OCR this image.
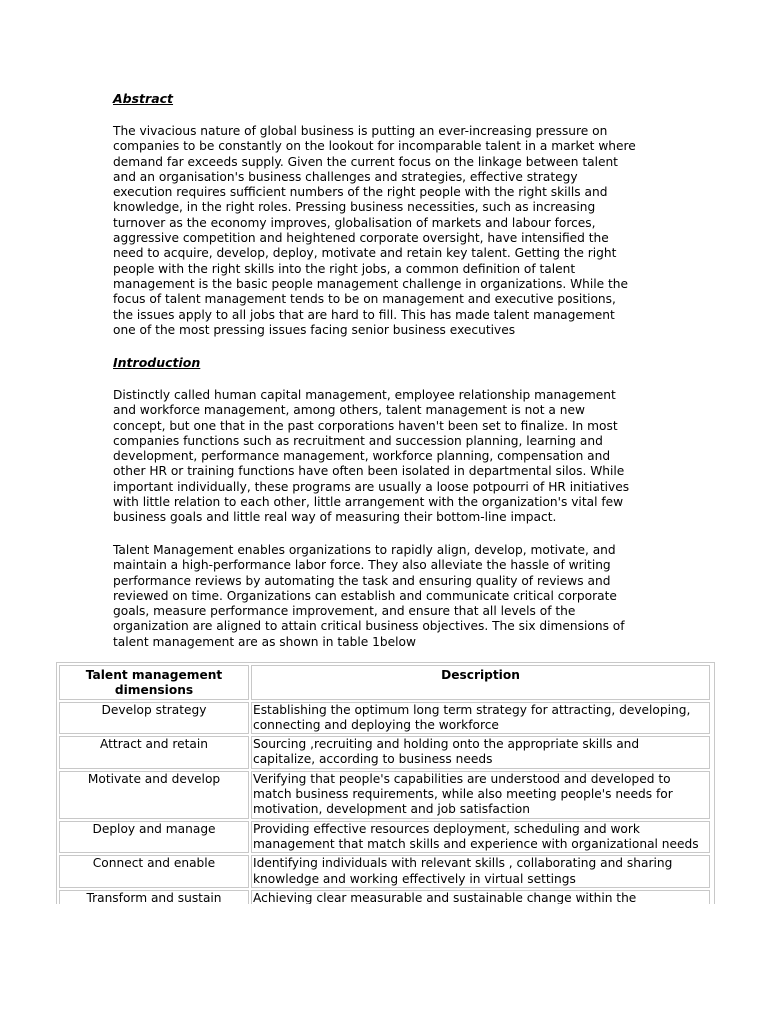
Abstract
The vivacious nature of global business is putting an ever-increasing pressure on
companies to be constantly on the lookout for incomparable talent in a market where
demand far exceeds supply. Given the current focus on the linkage between talent
and an organisation's business challenges and strategies, effective strategy
execution requires sufficient numbers of the right people with the right skills and
knowledge, in the right roles. Pressing business necessities, such as increasing
turnover as the economy improves, globalisation of markets and labour forces,
aggressive competition and heightened corporate oversight, have intensified the
need to acquire, develop, deploy, motivate and retain key talent. Getting the right
people with the right skills into the right jobs, a common definition of talent
management is the basic people management challenge in organizations. While the
focus of talent management tends to be on management and executive positions,
the issues apply to all jobs that are hard to fill. This has made talent management
one of the most pressing issues facing senior business executives
Introduction
Distinctly called human capital management, employee relationship management
and workforce management, among others, talent management is not a new
concept, but one that in the past corporations haven't been set to finalize. In most
companies functions such as recruitment and succession planning, learning and
development, performance management, workforce planning, compensation and
other HR or training functions have often been isolated in departmental silos. While
important individually, these programs are usually a loose potpourri of HR initiatives
with little relation to each other, little arrangement with the organization's vital few
business goals and little real way of measuring their bottom-line impact.
Talent Management enables organizations to rapidly align, develop, motivate, and
maintain a high-performance labor force. They also alleviate the hassle of writing
performance reviews by automating the task and ensuring quality of reviews and
reviewed on time. Organizations can establish and communicate critical corporate
goals, measure performance improvement, and ensure that all levels of the
organization are aligned to attain critical business objectives. The six dimensions of
talent management are as shown in table 1below
Talent management
dimensions	Description

Develop strategy	Establishing the optimum long term strategy for attracting, developing,
connecting and deploying the workforce

Attract and retain	Sourcing ,recruiting and holding onto the appropriate skills and
capitalize, according to business needs

Motivate and develop	Verifying that people's capabilities are understood and developed to
match business requirements, while also meeting people's needs for
motivation, development and job satisfaction

Deploy and manage	Providing effective resources deployment, scheduling and work
management that match skills and experience with organizational needs

Connect and enable	Identifying individuals with relevant skills , collaborating and sharing
knowledge and working effectively in virtual settings

Transform and sustain	Achieving clear measurable and sustainable change within the
